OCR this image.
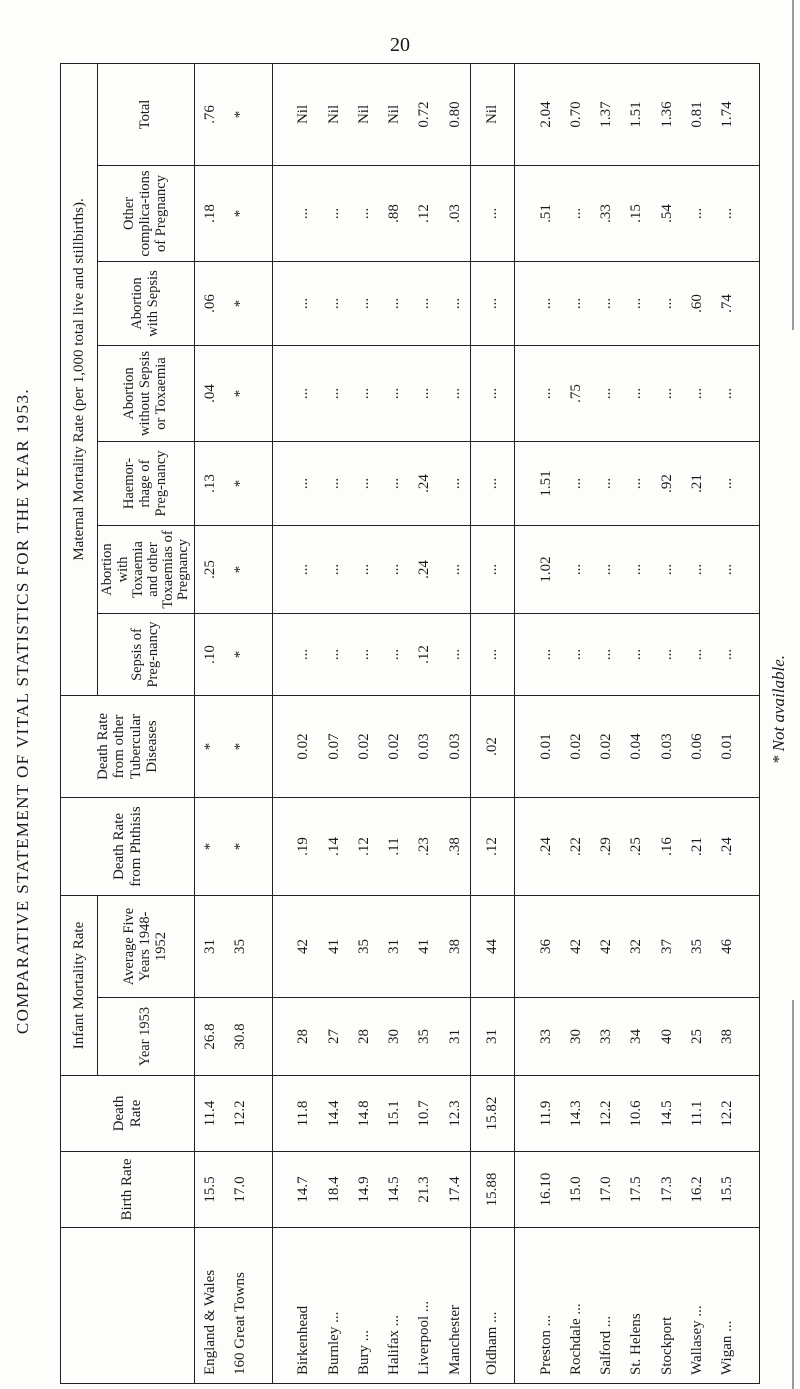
20
COMPARATIVE STATEMENT OF VITAL STATISTICS FOR THE YEAR 1953.	* Not available.
	Birth Rate	Death Rate	Infant Mortality Rate		Death Rate from Phthisis	Death Rate from other Tubercular Diseases	Maternal Mortality Rate (per 1,000 total live and stillbirths).						
			Year 1953	Average Five Years 1948-1952			Sepsis of Preg-nancy	Abortion with Toxaemia and other Toxaemias of Pregnancy	Haemor-rhage of Preg-nancy	Abortion without Sepsis or Toxaemia	Abortion with Sepsis	Other complica-tions of Pregnancy	Total
England & Wales	15.5	11.4	26.8	31	*	*	.10	.25	.13	.04	.06	.18	.76
160 Great Towns	17.0	12.2	30.8	35	*	*	*	*	*	*	*	*	*

Birkenhead	14.7	11.8	28	42	.19	0.02	...	...	...	...	...	...	Nil
Burnley ...	18.4	14.4	27	41	.14	0.07	...	...	...	...	...	...	Nil
Bury ...	14.9	14.8	28	35	.12	0.02	...	...	...	...	...	...	Nil
Halifax ...	14.5	15.1	30	31	.11	0.02	...	...	...	...	...	.88	Nil
Liverpool ...	21.3	10.7	35	41	.23	0.03	.12	.24	.24	...	...	.12	0.72
Manchester	17.4	12.3	31	38	.38	0.03	...	...	...	...	...	.03	0.80
Oldham ...	15.88	15.82	31	44	.12	.02	...	...	...	...	...	...	Nil

Preston ...	16.10	11.9	33	36	.24	0.01	...	1.02	1.51	...	...	.51	2.04
Rochdale ...	15.0	14.3	30	42	.22	0.02	...	...	...	.75	...	...	0.70
Salford ...	17.0	12.2	33	42	.29	0.02	...	...	...	...	...	.33	1.37
St. Helens	17.5	10.6	34	32	.25	0.04	...	...	...	...	...	.15	1.51
Stockport	17.3	14.5	40	37	.16	0.03	...	...	.92	...	...	.54	1.36
Wallasey ...	16.2	11.1	25	35	.21	0.06	...	...	.21	...	.60	...	0.81
Wigan ...	15.5	12.2	38	46	.24	0.01	...	...	...	...	.74	...	1.74
